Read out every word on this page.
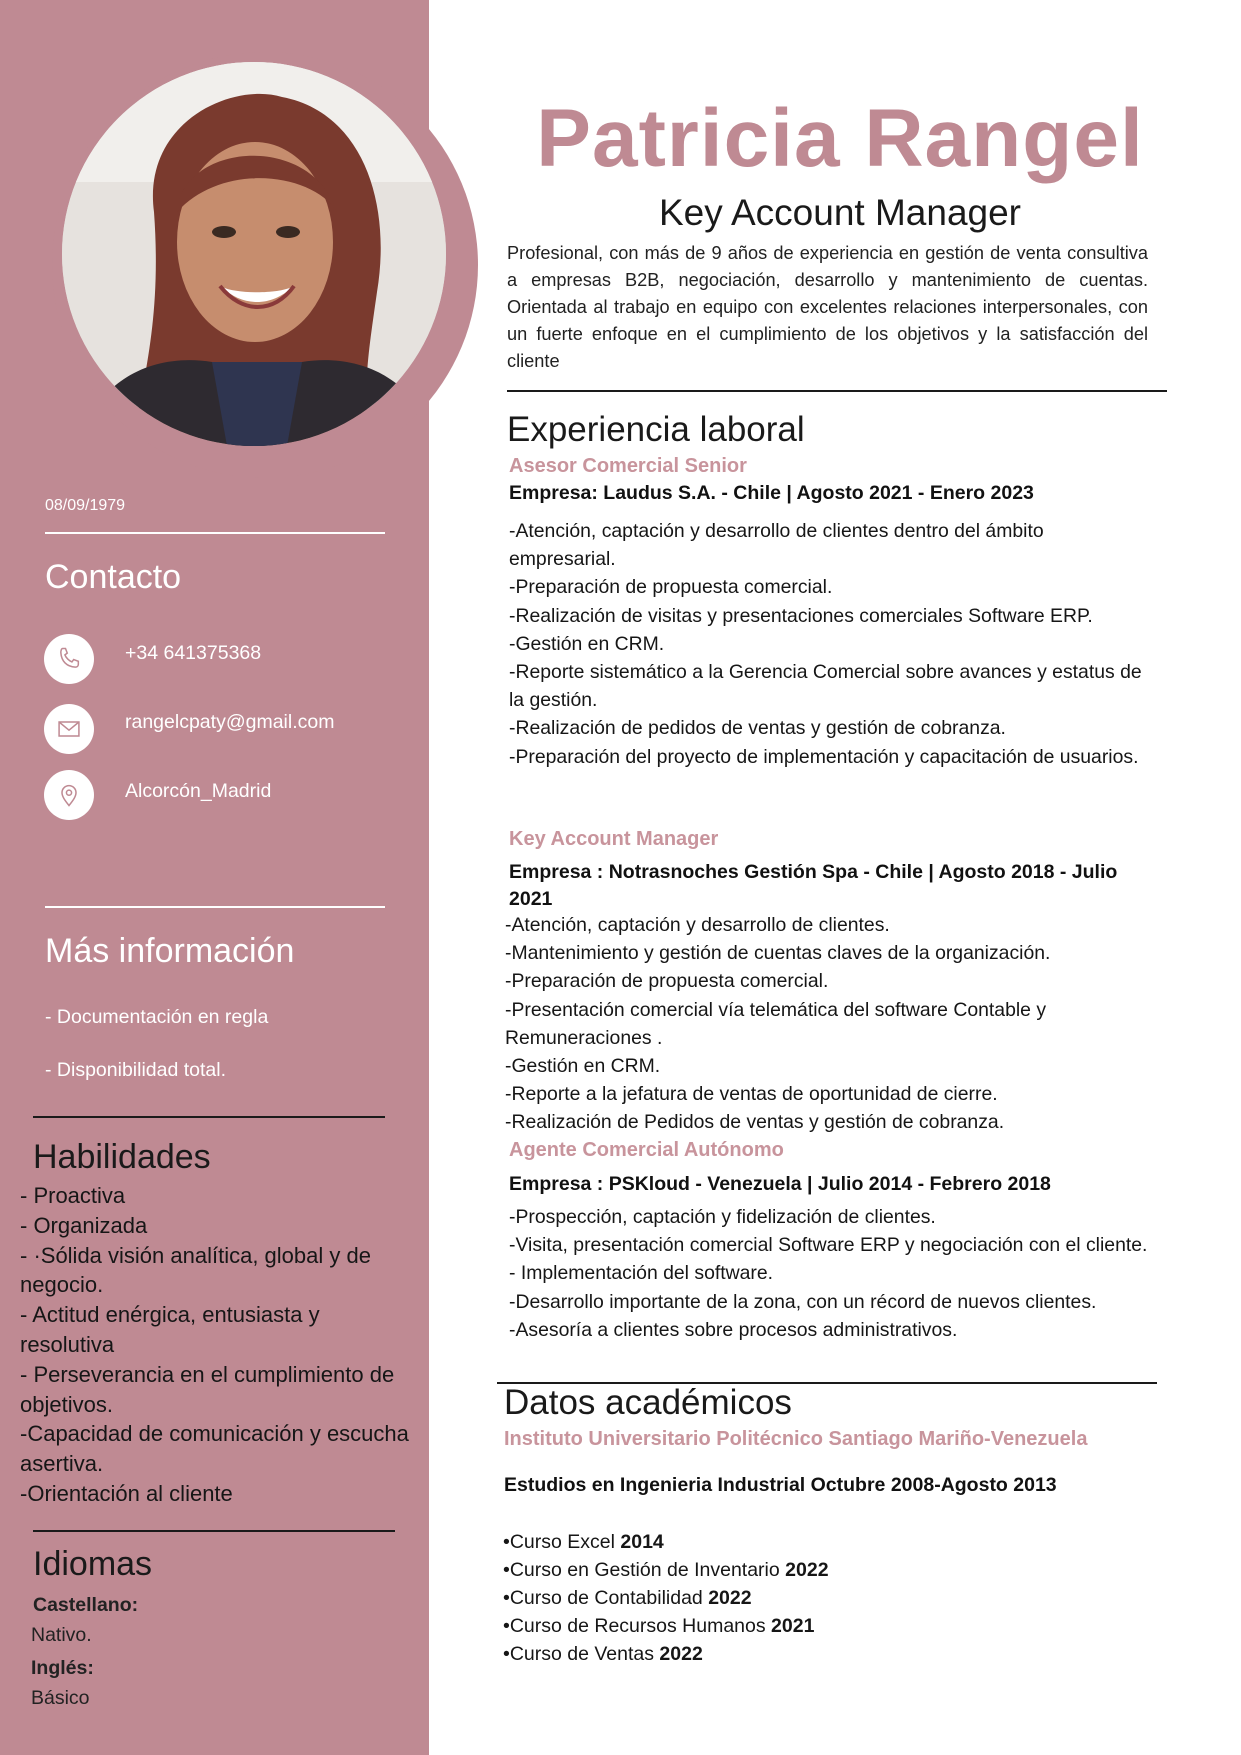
08/09/1979
Contacto
+34 641375368
rangelcpaty@gmail.com
Alcorcón_Madrid
Más información
- Documentación en regla
- Disponibilidad total.
Habilidades
- Proactiva
- Organizada
- ·Sólida visión analítica, global y de negocio.
- Actitud enérgica, entusiasta y resolutiva
- Perseverancia en el cumplimiento de objetivos.
-Capacidad de comunicación y escucha asertiva.
-Orientación al cliente
Idiomas
Castellano:
Nativo.
Inglés:
Básico
Patricia Rangel
Key Account Manager
Profesional, con más de 9 años de experiencia en gestión de venta consultiva a empresas B2B, negociación, desarrollo y mantenimiento de cuentas. Orientada al trabajo en equipo con excelentes relaciones interpersonales, con un fuerte enfoque en el cumplimiento de los objetivos y la satisfacción del cliente
Experiencia laboral
Asesor Comercial Senior
Empresa: Laudus S.A. - Chile | Agosto 2021 - Enero 2023
-Atención, captación y desarrollo de clientes dentro del ámbito empresarial.
-Preparación de propuesta comercial.
-Realización de visitas y presentaciones comerciales Software ERP.
-Gestión en CRM.
-Reporte sistemático a la Gerencia Comercial sobre avances y estatus de la gestión.
-Realización de pedidos de ventas y gestión de cobranza.
-Preparación del proyecto de implementación y capacitación de usuarios.
Key Account Manager
Empresa : Notrasnoches Gestión Spa - Chile | Agosto 2018 - Julio 2021
-Atención, captación y desarrollo de clientes.
-Mantenimiento y gestión de cuentas claves de la organización.
-Preparación de propuesta comercial.
-Presentación comercial vía telemática del software Contable y Remuneraciones .
-Gestión en CRM.
-Reporte a la jefatura de ventas de oportunidad de cierre.
-Realización de Pedidos de ventas y gestión de cobranza.
Agente Comercial Autónomo
Empresa : PSKloud - Venezuela | Julio 2014 - Febrero 2018
-Prospección, captación y fidelización de clientes.
-Visita, presentación comercial Software ERP y negociación con el cliente.
- Implementación del software.
-Desarrollo importante de la zona, con un récord de nuevos clientes.
-Asesoría a clientes sobre procesos administrativos.
Datos académicos
Instituto Universitario Politécnico Santiago Mariño-Venezuela
Estudios en Ingenieria Industrial Octubre 2008-Agosto 2013
•Curso Excel 2014
•Curso en Gestión de Inventario 2022
•Curso de Contabilidad 2022
•Curso de Recursos Humanos 2021
•Curso de Ventas 2022
